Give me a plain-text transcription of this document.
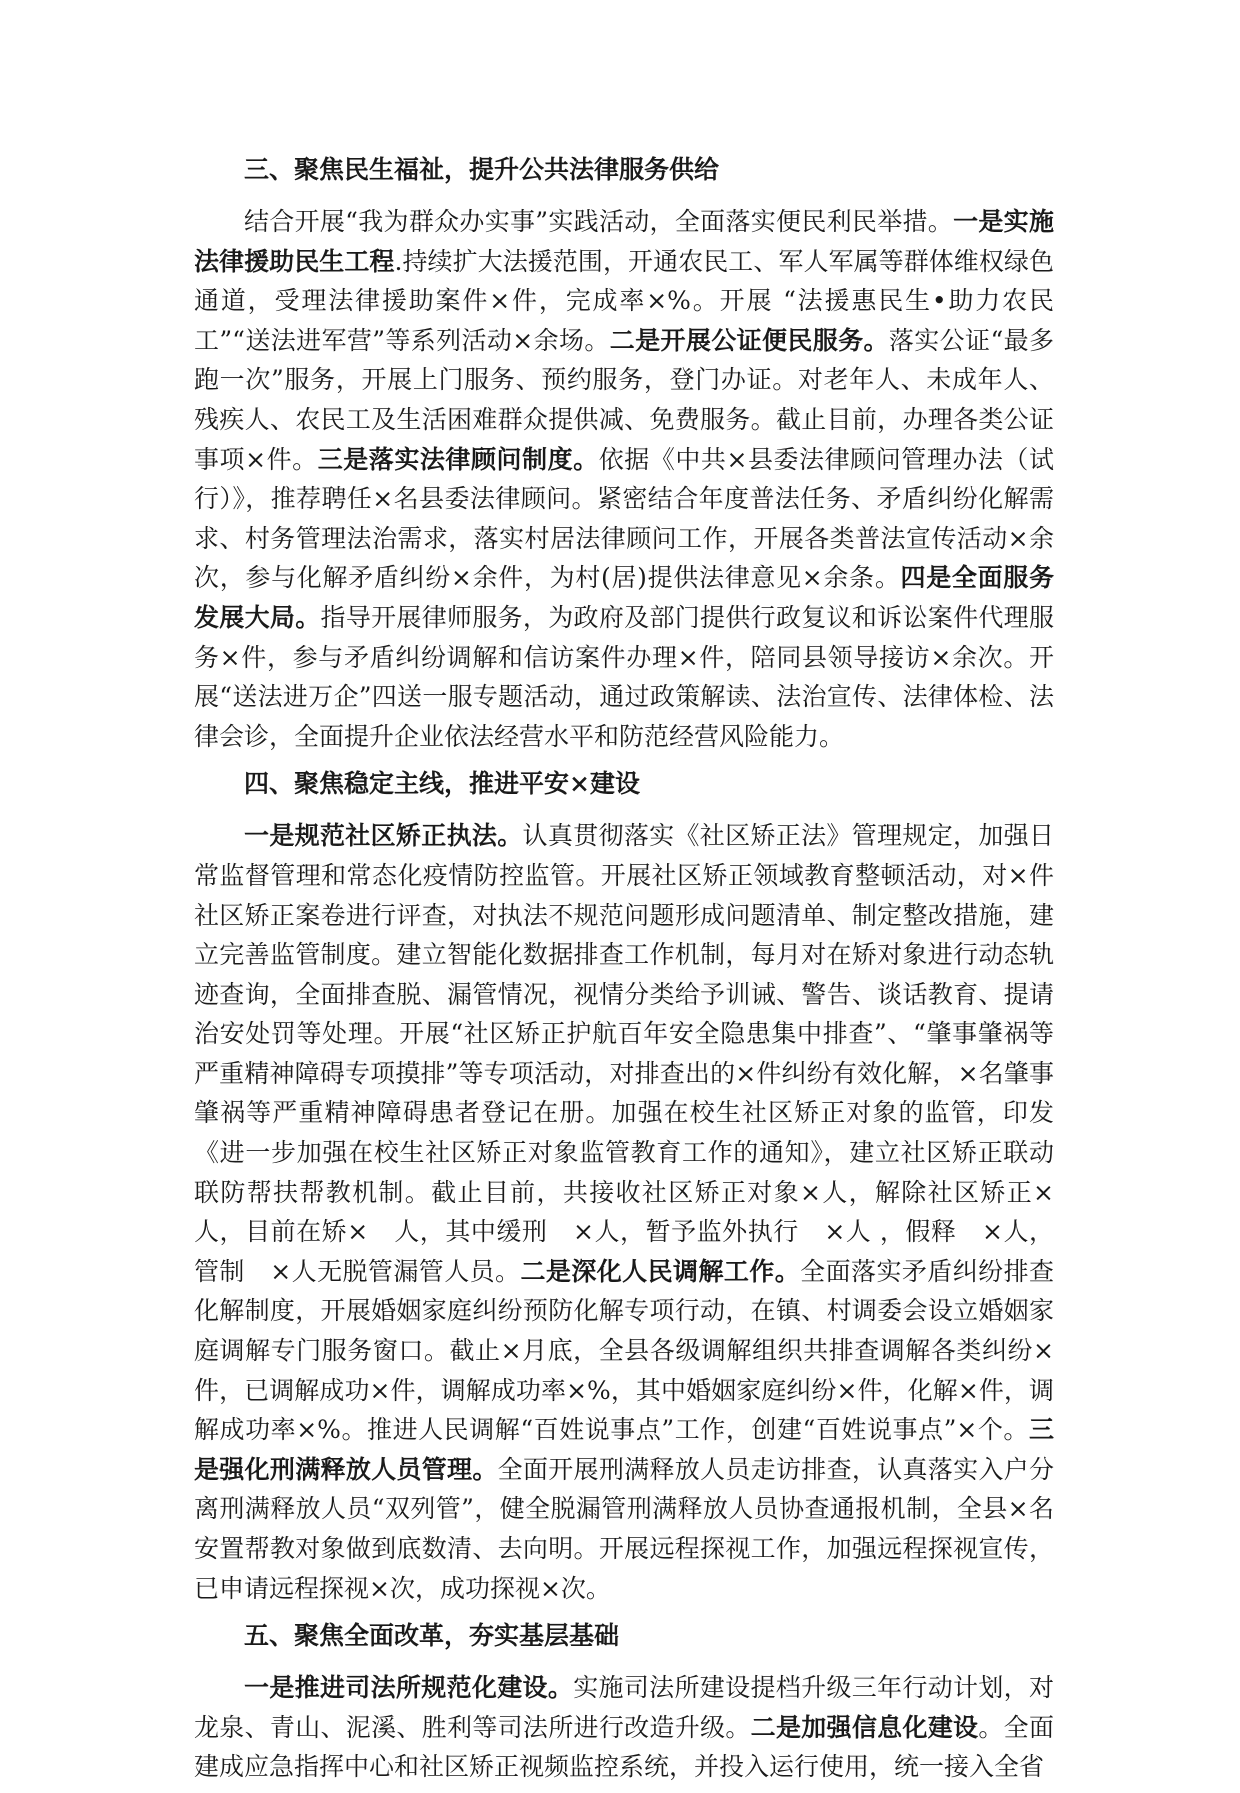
三、聚焦民生福祉，提升公共法律服务供给

结合开展“我为群众办实事”实践活动，全面落实便民利民举措。一是实施法律援助民生工程.持续扩大法援范围，开通农民工、军人军属等群体维权绿色通道，受理法律援助案件×件，完成率×%。开展 “法援惠民生•助力农民工”“送法进军营”等系列活动×余场。二是开展公证便民服务。落实公证“最多跑一次”服务，开展上门服务、预约服务，登门办证。对老年人、未成年人、残疾人、农民工及生活困难群众提供减、免费服务。截止目前，办理各类公证事项×件。三是落实法律顾问制度。依据《中共×县委法律顾问管理办法（试行）》，推荐聘任×名县委法律顾问。紧密结合年度普法任务、矛盾纠纷化解需求、村务管理法治需求，落实村居法律顾问工作，开展各类普法宣传活动×余次，参与化解矛盾纠纷×余件，为村(居)提供法律意见×余条。四是全面服务发展大局。指导开展律师服务，为政府及部门提供行政复议和诉讼案件代理服务×件，参与矛盾纠纷调解和信访案件办理×件，陪同县领导接访×余次。开展“送法进万企”四送一服专题活动，通过政策解读、法治宣传、法律体检、法律会诊，全面提升企业依法经营水平和防范经营风险能力。

四、聚焦稳定主线，推进平安×建设

一是规范社区矫正执法。认真贯彻落实《社区矫正法》管理规定，加强日常监督管理和常态化疫情防控监管。开展社区矫正领域教育整顿活动，对×件社区矫正案卷进行评查，对执法不规范问题形成问题清单、制定整改措施，建立完善监管制度。建立智能化数据排查工作机制，每月对在矫对象进行动态轨迹查询，全面排查脱、漏管情况，视情分类给予训诫、警告、谈话教育、提请治安处罚等处理。开展“社区矫正护航百年安全隐患集中排查”、“肇事肇祸等严重精神障碍专项摸排”等专项活动，对排查出的×件纠纷有效化解，×名肇事肇祸等严重精神障碍患者登记在册。加强在校生社区矫正对象的监管，印发《进一步加强在校生社区矫正对象监管教育工作的通知》，建立社区矫正联动联防帮扶帮教机制。截止目前，共接收社区矫正对象×人，解除社区矫正×人，目前在矫×　人，其中缓刑　×人，暂予监外执行　×人 ，假释　×人，管制　×人无脱管漏管人员。二是深化人民调解工作。全面落实矛盾纠纷排查化解制度，开展婚姻家庭纠纷预防化解专项行动，在镇、村调委会设立婚姻家庭调解专门服务窗口。截止×月底，全县各级调解组织共排查调解各类纠纷×件，已调解成功×件，调解成功率×%，其中婚姻家庭纠纷×件，化解×件，调解成功率×%。推进人民调解“百姓说事点”工作，创建“百姓说事点”×个。三是强化刑满释放人员管理。全面开展刑满释放人员走访排查，认真落实入户分离刑满释放人员“双列管”，健全脱漏管刑满释放人员协查通报机制，全县×名安置帮教对象做到底数清、去向明。开展远程探视工作，加强远程探视宣传，已申请远程探视×次，成功探视×次。

五、聚焦全面改革，夯实基层基础

一是推进司法所规范化建设。实施司法所建设提档升级三年行动计划，对龙泉、青山、泥溪、胜利等司法所进行改造升级。二是加强信息化建设。全面建成应急指挥中心和社区矫正视频监控系统，并投入运行使用，统一接入全省
